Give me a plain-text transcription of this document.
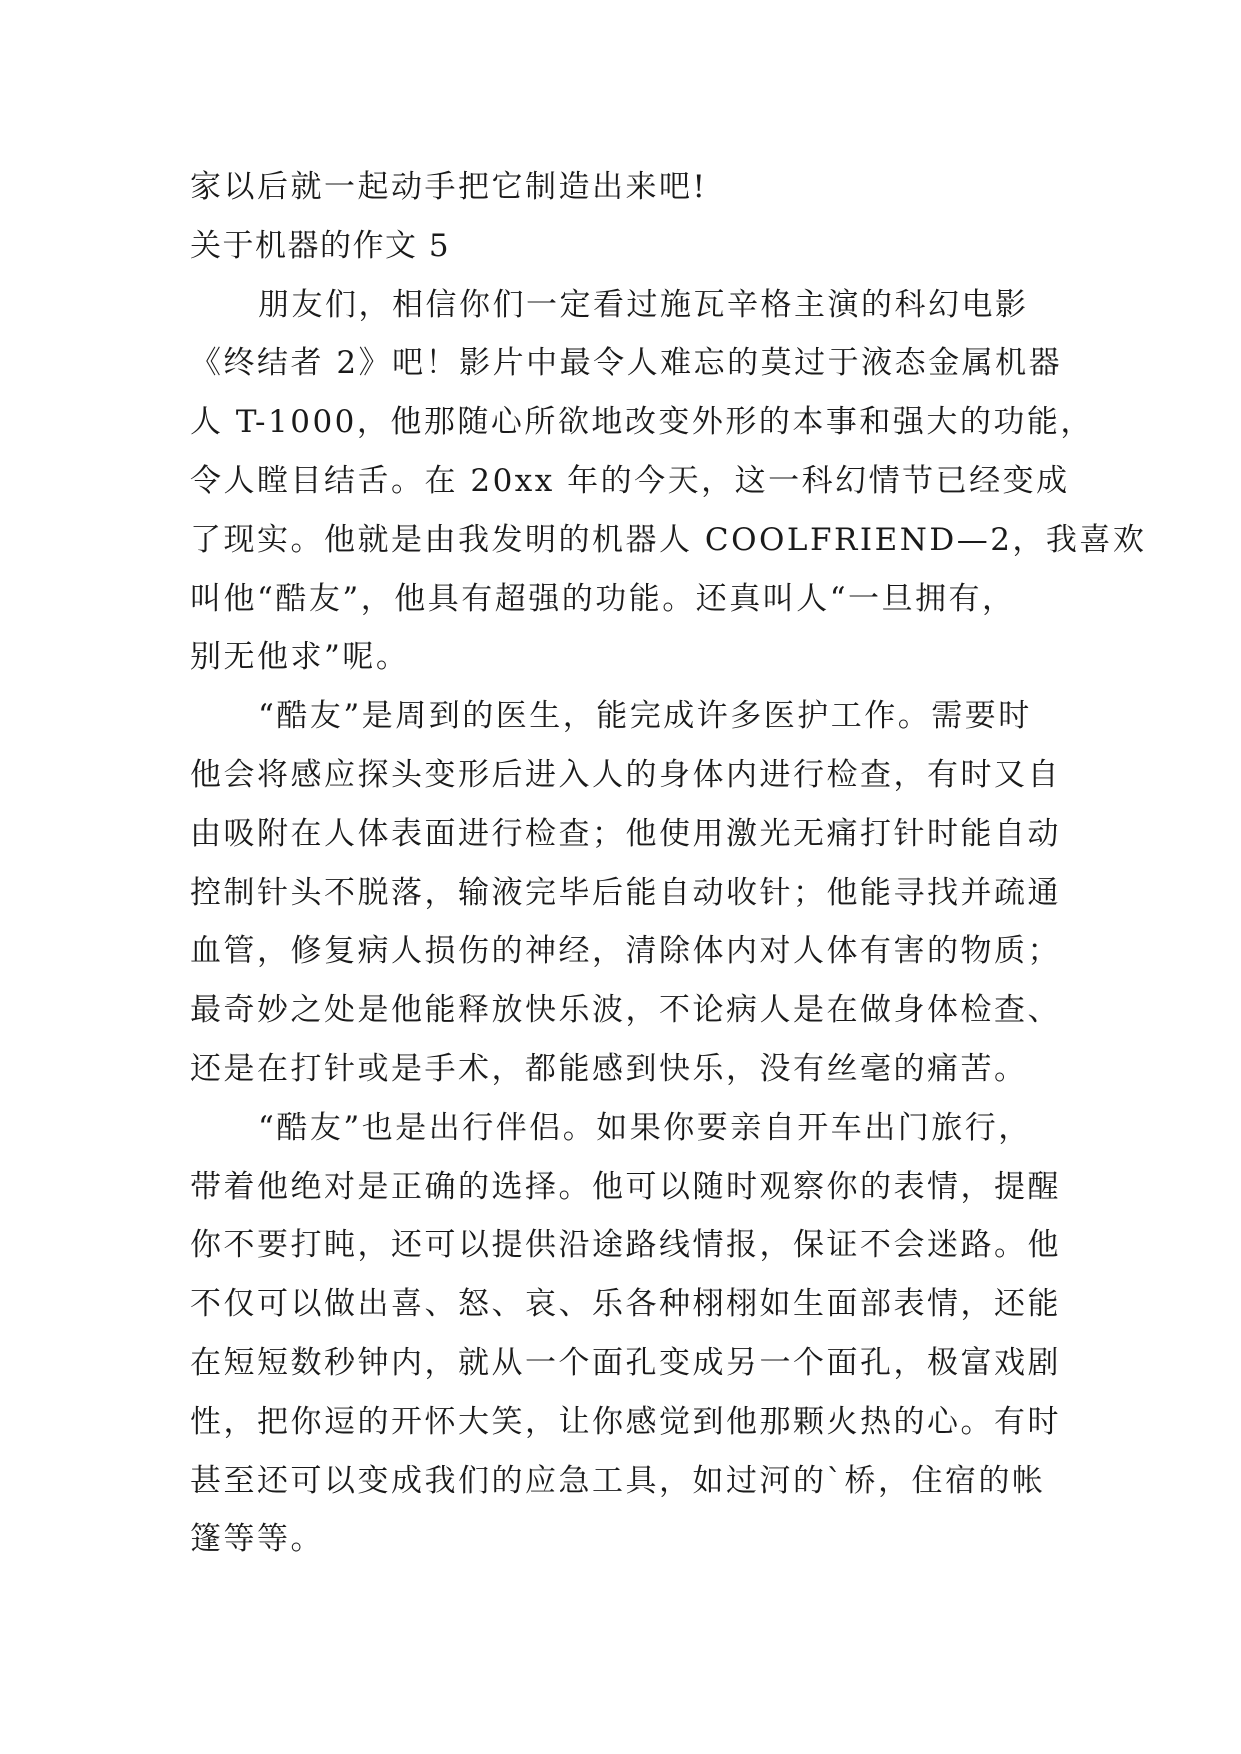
家以后就一起动手把它制造出来吧!
关于机器的作文 5
朋友们，相信你们一定看过施瓦辛格主演的科幻电影
《终结者 2》吧！影片中最令人难忘的莫过于液态金属机器
人 T-1000，他那随心所欲地改变外形的本事和强大的功能，
令人瞠目结舌。在 20xx 年的今天，这一科幻情节已经变成
了现实。他就是由我发明的机器人 COOLFRIEND—2，我喜欢
叫他“酷友”，他具有超强的功能。还真叫人“一旦拥有，
别无他求”呢。
“酷友”是周到的医生，能完成许多医护工作。需要时
他会将感应探头变形后进入人的身体内进行检查，有时又自
由吸附在人体表面进行检查；他使用激光无痛打针时能自动
控制针头不脱落，输液完毕后能自动收针；他能寻找并疏通
血管，修复病人损伤的神经，清除体内对人体有害的物质；
最奇妙之处是他能释放快乐波，不论病人是在做身体检查、
还是在打针或是手术，都能感到快乐，没有丝毫的痛苦。
“酷友”也是出行伴侣。如果你要亲自开车出门旅行，
带着他绝对是正确的选择。他可以随时观察你的表情，提醒
你不要打盹，还可以提供沿途路线情报，保证不会迷路。他
不仅可以做出喜、怒、哀、乐各种栩栩如生面部表情，还能
在短短数秒钟内，就从一个面孔变成另一个面孔，极富戏剧
性，把你逗的开怀大笑，让你感觉到他那颗火热的心。有时
甚至还可以变成我们的应急工具，如过河的`桥，住宿的帐
篷等等。
